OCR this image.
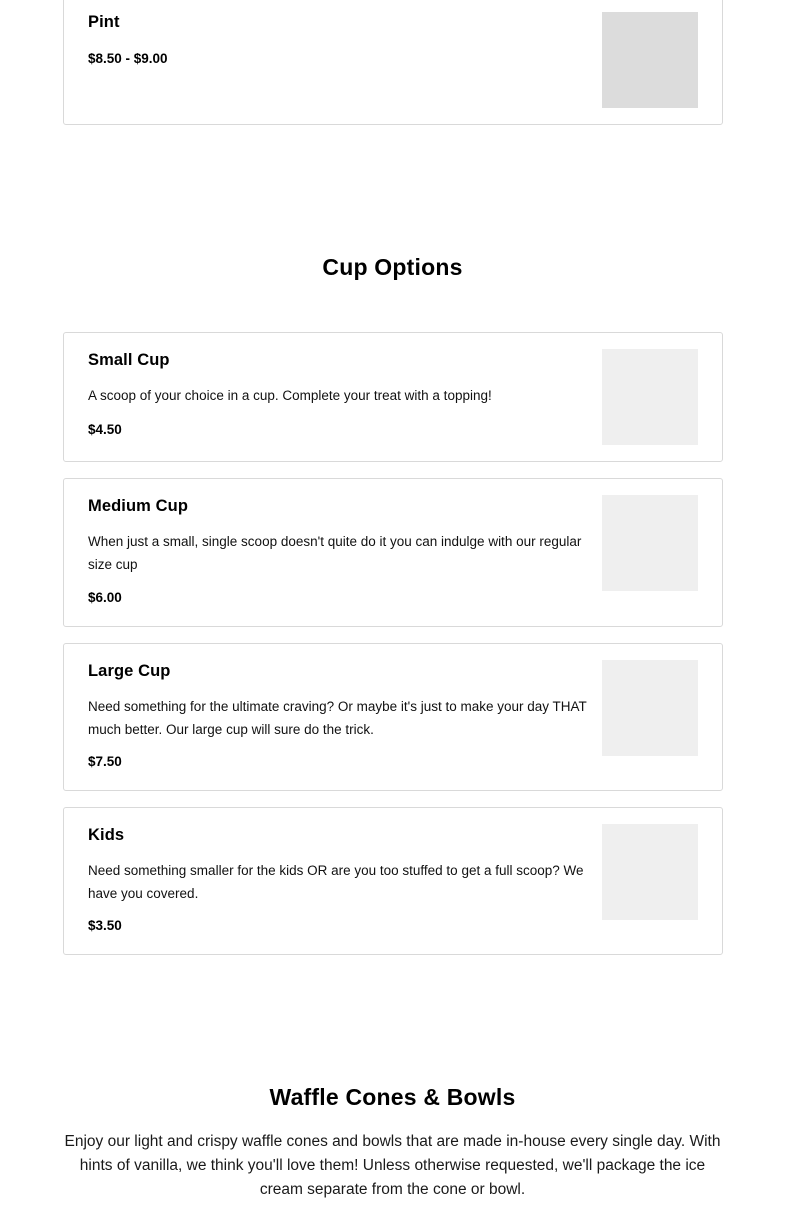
Pint
$8.50 - $9.00
Cup Options
Small Cup
A scoop of your choice in a cup. Complete your treat with a topping!
$4.50
Medium Cup
When just a small, single scoop doesn't quite do it you can indulge with our regular size cup
$6.00
Large Cup
Need something for the ultimate craving? Or maybe it's just to make your day THAT much better. Our large cup will sure do the trick.
$7.50
Kids
Need something smaller for the kids OR are you too stuffed to get a full scoop? We have you covered.
$3.50
Waffle Cones & Bowls

Enjoy our light and crispy waffle cones and bowls that are made in-house every single day. With hints of vanilla, we think you'll love them! Unless otherwise requested, we'll package the ice cream separate from the cone or bowl.
